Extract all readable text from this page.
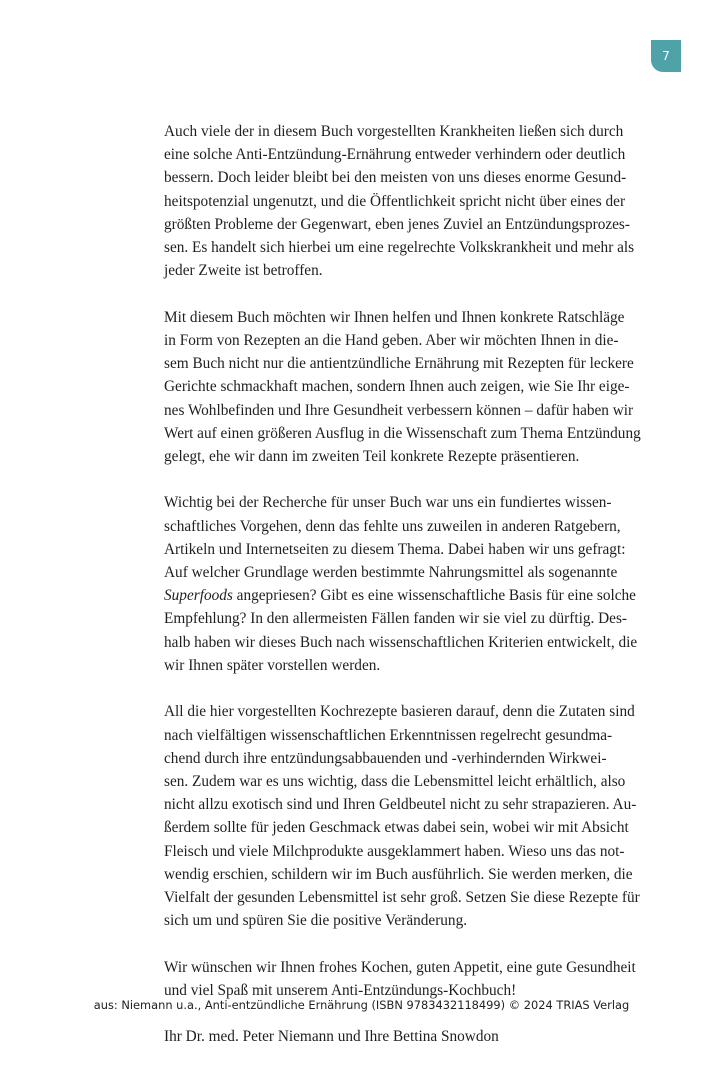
7

Auch viele der in diesem Buch vorgestellten Krankheiten ließen sich durch
eine solche Anti-Entzündung-Ernährung entweder verhindern oder deutlich
bessern. Doch leider bleibt bei den meisten von uns dieses enorme Gesund-
heitspotenzial ungenutzt, und die Öffentlichkeit spricht nicht über eines der
größten Probleme der Gegenwart, eben jenes Zuviel an Entzündungsprozes-
sen. Es handelt sich hierbei um eine regelrechte Volkskrankheit und mehr als
jeder Zweite ist betroffen.

Mit diesem Buch möchten wir Ihnen helfen und Ihnen konkrete Ratschläge
in Form von Rezepten an die Hand geben. Aber wir möchten Ihnen in die-
sem Buch nicht nur die antientzündliche Ernährung mit Rezepten für leckere
Gerichte schmackhaft machen, sondern Ihnen auch zeigen, wie Sie Ihr eige-
nes Wohlbefinden und Ihre Gesundheit verbessern können – dafür haben wir
Wert auf einen größeren Ausflug in die Wissenschaft zum Thema Entzündung
gelegt, ehe wir dann im zweiten Teil konkrete Rezepte präsentieren.

Wichtig bei der Recherche für unser Buch war uns ein fundiertes wissen-
schaftliches Vorgehen, denn das fehlte uns zuweilen in anderen Ratgebern,
Artikeln und Internetseiten zu diesem Thema. Dabei haben wir uns gefragt:
Auf welcher Grundlage werden bestimmte Nahrungsmittel als sogenannte
Superfoods angepriesen? Gibt es eine wissenschaftliche Basis für eine solche
Empfehlung? In den allermeisten Fällen fanden wir sie viel zu dürftig. Des-
halb haben wir dieses Buch nach wissenschaftlichen Kriterien entwickelt, die
wir Ihnen später vorstellen werden.

All die hier vorgestellten Kochrezepte basieren darauf, denn die Zutaten sind
nach vielfältigen wissenschaftlichen Erkenntnissen regelrecht gesundma-
chend durch ihre entzündungsabbauenden und -verhindernden Wirkwei-
sen. Zudem war es uns wichtig, dass die Lebensmittel leicht erhältlich, also
nicht allzu exotisch sind und Ihren Geldbeutel nicht zu sehr strapazieren. Au-
ßerdem sollte für jeden Geschmack etwas dabei sein, wobei wir mit Absicht
Fleisch und viele Milchprodukte ausgeklammert haben. Wieso uns das not-
wendig erschien, schildern wir im Buch ausführlich. Sie werden merken, die
Vielfalt der gesunden Lebensmittel ist sehr groß. Setzen Sie diese Rezepte für
sich um und spüren Sie die positive Veränderung.

Wir wünschen wir Ihnen frohes Kochen, guten Appetit, eine gute Gesundheit
und viel Spaß mit unserem Anti-Entzündungs-Kochbuch!

Ihr Dr. med. Peter Niemann und Ihre Bettina Snowdon

aus: Niemann u.a., Anti-entzündliche Ernährung (ISBN 9783432118499) © 2024 TRIAS Verlag
